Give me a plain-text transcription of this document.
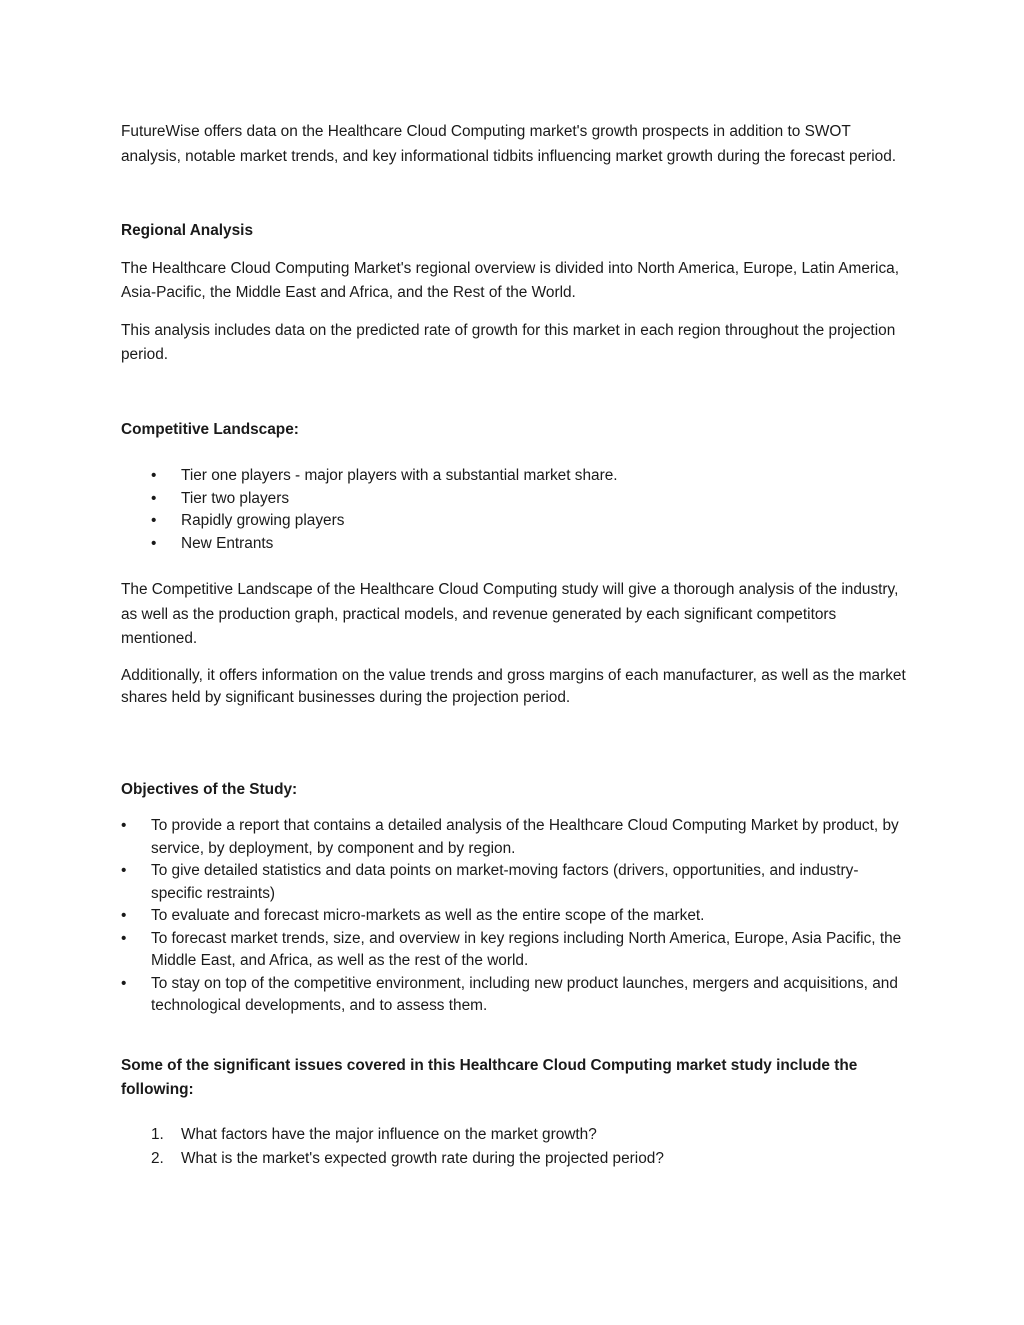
FutureWise offers data on the Healthcare Cloud Computing market's growth prospects in addition to SWOT analysis, notable market trends, and key informational tidbits influencing market growth during the forecast period.

Regional Analysis

The Healthcare Cloud Computing Market's regional overview is divided into North America, Europe, Latin America, Asia-Pacific, the Middle East and Africa, and the Rest of the World.

This analysis includes data on the predicted rate of growth for this market in each region throughout the projection period.

Competitive Landscape:

• Tier one players - major players with a substantial market share.
• Tier two players
• Rapidly growing players
• New Entrants

The Competitive Landscape of the Healthcare Cloud Computing study will give a thorough analysis of the industry, as well as the production graph, practical models, and revenue generated by each significant competitors mentioned.

Additionally, it offers information on the value trends and gross margins of each manufacturer, as well as the market shares held by significant businesses during the projection period.

Objectives of the Study:

• To provide a report that contains a detailed analysis of the Healthcare Cloud Computing Market by product, by service, by deployment, by component and by region.
• To give detailed statistics and data points on market-moving factors (drivers, opportunities, and industry-specific restraints)
• To evaluate and forecast micro-markets as well as the entire scope of the market.
• To forecast market trends, size, and overview in key regions including North America, Europe, Asia Pacific, the Middle East, and Africa, as well as the rest of the world.
• To stay on top of the competitive environment, including new product launches, mergers and acquisitions, and technological developments, and to assess them.

Some of the significant issues covered in this Healthcare Cloud Computing market study include the following:

1. What factors have the major influence on the market growth?
2. What is the market's expected growth rate during the projected period?
